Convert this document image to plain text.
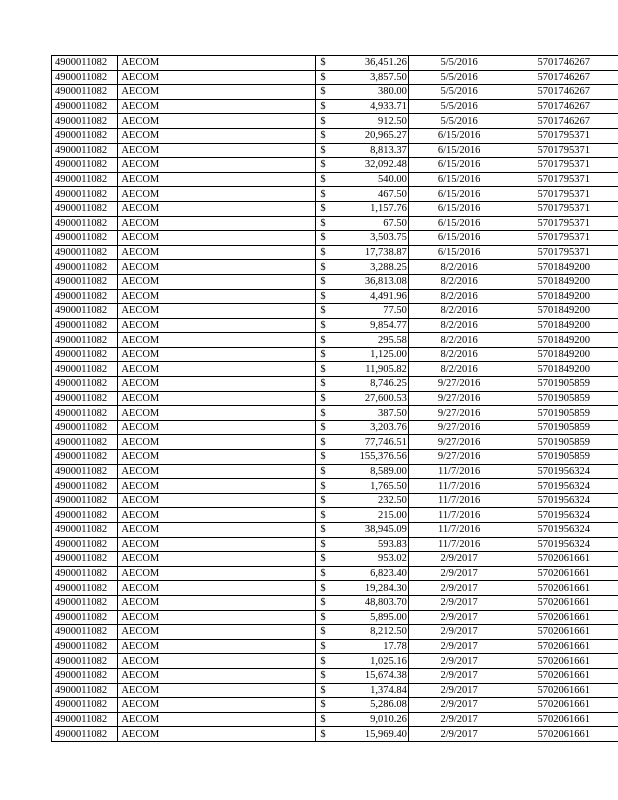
4900011082	AECOM	$	36,451.26	5/5/2016	5701746267
4900011082	AECOM	$	3,857.50	5/5/2016	5701746267
4900011082	AECOM	$	380.00	5/5/2016	5701746267
4900011082	AECOM	$	4,933.71	5/5/2016	5701746267
4900011082	AECOM	$	912.50	5/5/2016	5701746267
4900011082	AECOM	$	20,965.27	6/15/2016	5701795371
4900011082	AECOM	$	8,813.37	6/15/2016	5701795371
4900011082	AECOM	$	32,092.48	6/15/2016	5701795371
4900011082	AECOM	$	540.00	6/15/2016	5701795371
4900011082	AECOM	$	467.50	6/15/2016	5701795371
4900011082	AECOM	$	1,157.76	6/15/2016	5701795371
4900011082	AECOM	$	67.50	6/15/2016	5701795371
4900011082	AECOM	$	3,503.75	6/15/2016	5701795371
4900011082	AECOM	$	17,738.87	6/15/2016	5701795371
4900011082	AECOM	$	3,288.25	8/2/2016	5701849200
4900011082	AECOM	$	36,813.08	8/2/2016	5701849200
4900011082	AECOM	$	4,491.96	8/2/2016	5701849200
4900011082	AECOM	$	77.50	8/2/2016	5701849200
4900011082	AECOM	$	9,854.77	8/2/2016	5701849200
4900011082	AECOM	$	295.58	8/2/2016	5701849200
4900011082	AECOM	$	1,125.00	8/2/2016	5701849200
4900011082	AECOM	$	11,905.82	8/2/2016	5701849200
4900011082	AECOM	$	8,746.25	9/27/2016	5701905859
4900011082	AECOM	$	27,600.53	9/27/2016	5701905859
4900011082	AECOM	$	387.50	9/27/2016	5701905859
4900011082	AECOM	$	3,203.76	9/27/2016	5701905859
4900011082	AECOM	$	77,746.51	9/27/2016	5701905859
4900011082	AECOM	$	155,376.56	9/27/2016	5701905859
4900011082	AECOM	$	8,589.00	11/7/2016	5701956324
4900011082	AECOM	$	1,765.50	11/7/2016	5701956324
4900011082	AECOM	$	232.50	11/7/2016	5701956324
4900011082	AECOM	$	215.00	11/7/2016	5701956324
4900011082	AECOM	$	38,945.09	11/7/2016	5701956324
4900011082	AECOM	$	593.83	11/7/2016	5701956324
4900011082	AECOM	$	953.02	2/9/2017	5702061661
4900011082	AECOM	$	6,823.40	2/9/2017	5702061661
4900011082	AECOM	$	19,284.30	2/9/2017	5702061661
4900011082	AECOM	$	48,803.70	2/9/2017	5702061661
4900011082	AECOM	$	5,895.00	2/9/2017	5702061661
4900011082	AECOM	$	8,212.50	2/9/2017	5702061661
4900011082	AECOM	$	17.78	2/9/2017	5702061661
4900011082	AECOM	$	1,025.16	2/9/2017	5702061661
4900011082	AECOM	$	15,674.38	2/9/2017	5702061661
4900011082	AECOM	$	1,374.84	2/9/2017	5702061661
4900011082	AECOM	$	5,286.08	2/9/2017	5702061661
4900011082	AECOM	$	9,010.26	2/9/2017	5702061661
4900011082	AECOM	$	15,969.40	2/9/2017	5702061661
